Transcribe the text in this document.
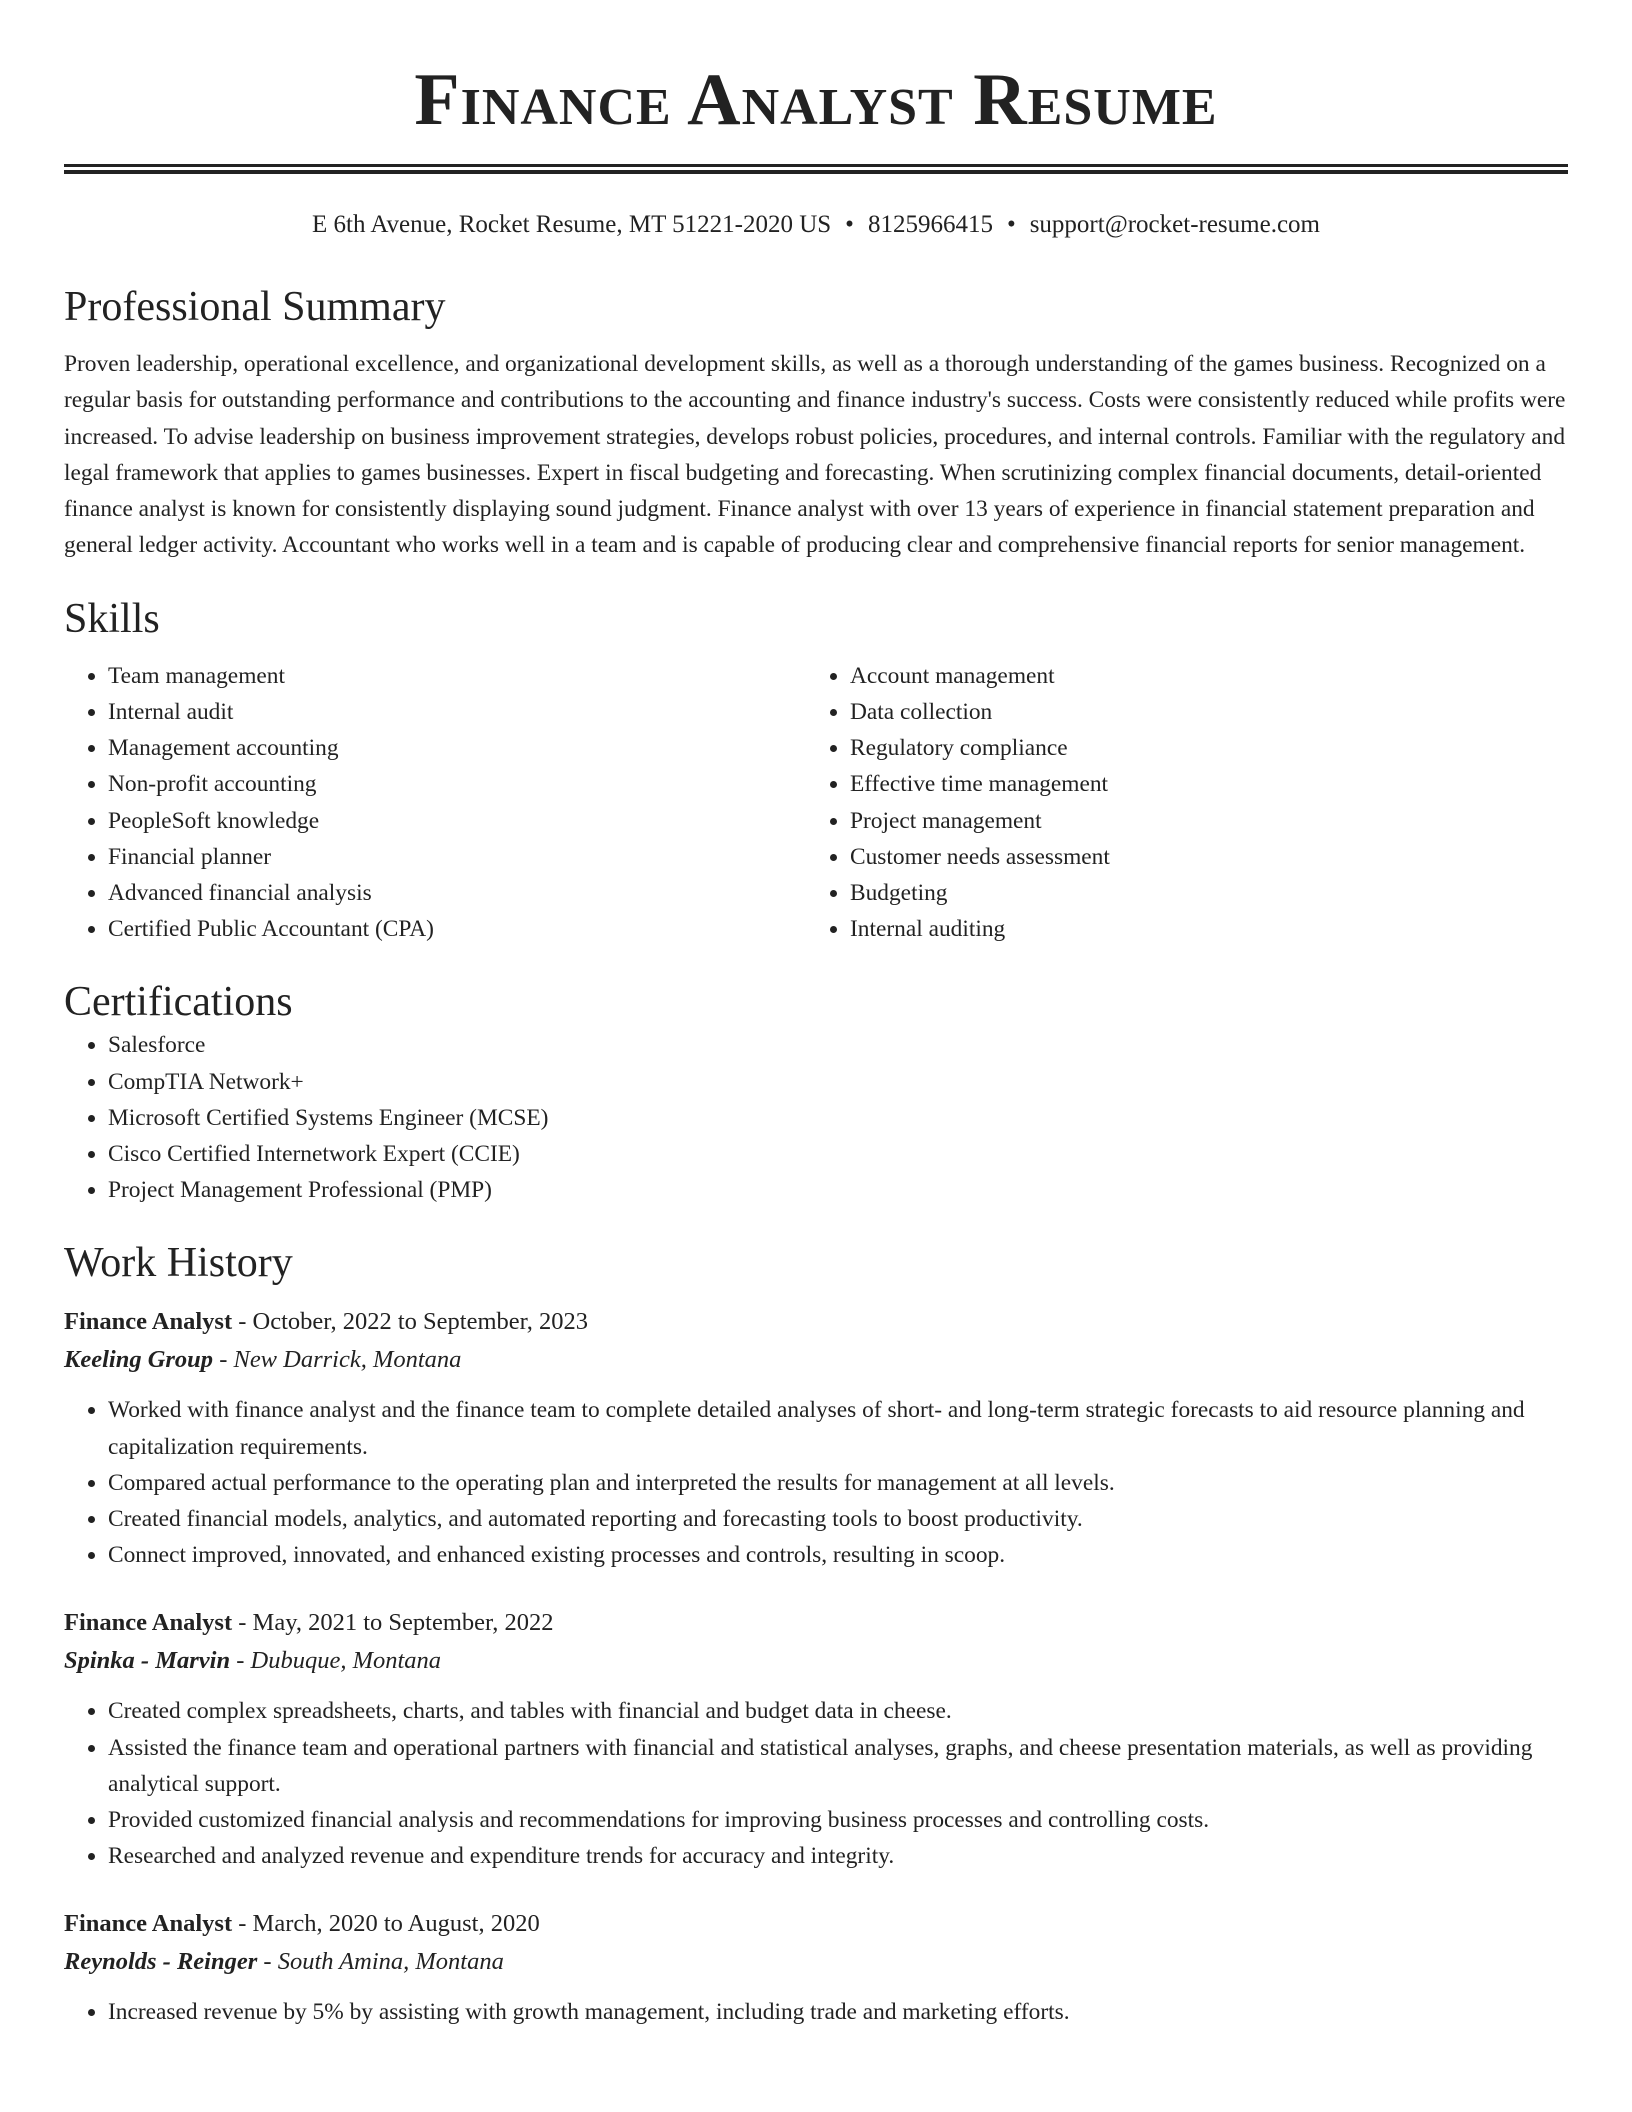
Finance Analyst Resume
E 6th Avenue, Rocket Resume, MT 51221-2020 US • 8125966415 • support@rocket-resume.com
Professional Summary

Proven leadership, operational excellence, and organizational development skills, as well as a thorough understanding of the games business. Recognized on a regular basis for outstanding performance and contributions to the accounting and finance industry's success. Costs were consistently reduced while profits were increased. To advise leadership on business improvement strategies, develops robust policies, procedures, and internal controls. Familiar with the regulatory and legal framework that applies to games businesses. Expert in fiscal budgeting and forecasting. When scrutinizing complex financial documents, detail-oriented finance analyst is known for consistently displaying sound judgment. Finance analyst with over 13 years of experience in financial statement preparation and general ledger activity. Accountant who works well in a team and is capable of producing clear and comprehensive financial reports for senior management.

Skills
• Team management
• Internal audit
• Management accounting
• Non-profit accounting
• PeopleSoft knowledge
• Financial planner
• Advanced financial analysis
• Certified Public Accountant (CPA)
• Account management
• Data collection
• Regulatory compliance
• Effective time management
• Project management
• Customer needs assessment
• Budgeting
• Internal auditing
Certifications
• Salesforce
• CompTIA Network+
• Microsoft Certified Systems Engineer (MCSE)
• Cisco Certified Internetwork Expert (CCIE)
• Project Management Professional (PMP)
Work History
Finance Analyst - October, 2022 to September, 2023
Keeling Group - New Darrick, Montana
• Worked with finance analyst and the finance team to complete detailed analyses of short- and long-term strategic forecasts to aid resource planning and capitalization requirements.
• Compared actual performance to the operating plan and interpreted the results for management at all levels.
• Created financial models, analytics, and automated reporting and forecasting tools to boost productivity.
• Connect improved, innovated, and enhanced existing processes and controls, resulting in scoop.
Finance Analyst - May, 2021 to September, 2022
Spinka - Marvin - Dubuque, Montana
• Created complex spreadsheets, charts, and tables with financial and budget data in cheese.
• Assisted the finance team and operational partners with financial and statistical analyses, graphs, and cheese presentation materials, as well as providing analytical support.
• Provided customized financial analysis and recommendations for improving business processes and controlling costs.
• Researched and analyzed revenue and expenditure trends for accuracy and integrity.
Finance Analyst - March, 2020 to August, 2020
Reynolds - Reinger - South Amina, Montana
• Increased revenue by 5% by assisting with growth management, including trade and marketing efforts.
